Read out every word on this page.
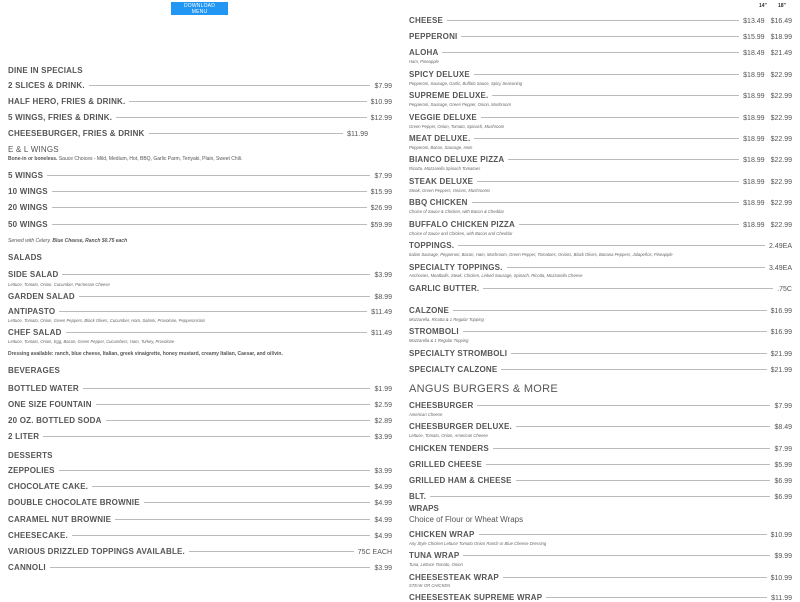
DOWNLOAD MENU
14" 18"
DINE IN SPECIALS
2 SLICES & DRINK.	$7.99
HALF HERO, FRIES & DRINK.	$10.99
5 WINGS, FRIES & DRINK.	$12.99
CHEESEBURGER, FRIES & DRINK	$11.99
E & L WINGS
Bone-in or boneless. Sauce Choices - Mild, Medium, Hot, BBQ, Garlic Parm, Teriyaki, Plain, Sweet Chili.
5 WINGS	$7.99
10 WINGS	$15.99
20 WINGS	$26.99
50 WINGS	$59.99
Served with Celery. Blue Cheese, Ranch $0.75 each
SALADS
SIDE SALAD	$3.99
Lettuce, Tomato, Onion, Cucumber, Parmesan Cheese
GARDEN SALAD	$8.99
ANTIPASTO	$11.49
Lettuce, Tomato, Onion, Green Peppers, Black Olives, Cucumber, Ham, Salami, Provolone, Pepperoncinis
CHEF SALAD	$11.49
Lettuce, Tomato, Onion, Egg, Bacon, Green Pepper, Cucumbers, Ham, Turkey, Provolone
Dressing available: ranch, blue cheese, Italian, greek vinaigrette, honey mustard, creamy Italian, Caesar, and oil/vin.
BEVERAGES
BOTTLED WATER	$1.99
ONE SIZE FOUNTAIN	$2.59
20 OZ. BOTTLED SODA	$2.89
2 LITER	$3.99
DESSERTS
ZEPPOLIES	$3.99
CHOCOLATE CAKE.	$4.99
DOUBLE CHOCOLATE BROWNIE	$4.99
CARAMEL NUT BROWNIE	$4.99
CHEESECAKE.	$4.99
VARIOUS DRIZZLED TOPPINGS AVAILABLE.	75C EACH
CANNOLI	$3.99
CHEESE	$13.49 $16.49
PEPPERONI	$15.99 $18.99
ALOHA	$18.49 $21.49
Ham, Pineapple
SPICY DELUXE	$18.99 $22.99
Pepperoni, Sausage, Garlic, Buffalo Sauce, Spicy Seasoning
SUPREME DELUXE.	$18.99 $22.99
Pepperoni, Sausage, Green Pepper, Onion, Mushroom
VEGGIE DELUXE	$18.99 $22.99
Green Pepper, Onion, Tomato, Spinach, Mushroom
MEAT DELUXE.	$18.99 $22.99
Pepperoni, Bacon, Sausage, Ham
BIANCO DELUXE PIZZA	$18.99 $22.99
Ricotta, Mozzarella Spinach Tomatoes
STEAK DELUXE	$18.99 $22.99
Steak, Green Peppers, Onions, Mushrooms
BBQ CHICKEN	$18.99 $22.99
Choice of Sauce & Chicken, with Bacon & Cheddar
BUFFALO CHICKEN PIZZA	$18.99 $22.99
Choice of Sauce and Chicken, with Bacon and Cheddar
TOPPINGS.	2.49EA
Italian Sausage, Pepperoni, Bacon, Ham, Mushroom, Green Pepper, Tomatoes, Onions, Black Olives, Banana Peppers, Jalapeños, Pineapple
SPECIALTY TOPPINGS.	3.49EA
Anchovies, Meatballs, Steak, Chicken, Linked Sausage, Spinach, Ricotta, Mozzarella Cheese
GARLIC BUTTER.	.75C
CALZONE	$16.99
Mozzarella, Ricotta & 1 Regular Topping
STROMBOLI	$16.99
Mozzarella & 1 Regular Topping
SPECIALTY STROMBOLI	$21.99
SPECIALTY CALZONE	$21.99
ANGUS BURGERS & MORE
CHEESBURGER	$7.99
American Cheese
CHEESBURGER DELUXE.	$8.49
Lettuce, Tomato, Onion, American Cheese
CHICKEN TENDERS	$7.99
GRILLED CHEESE	$5.99
GRILLED HAM & CHEESE	$6.99
BLT.	$6.99
WRAPS
Choice of Flour or Wheat Wraps
CHICKEN WRAP	$10.99
Any Style Chicken Lettuce Tomato Onion Ranch or Blue Cheese Dressing
TUNA WRAP	$9.99
Tuna, Lettuce Tomato, Onion
CHEESESTEAK WRAP	$10.99
STEAK OR CHICKEN
CHEESESTEAK SUPREME WRAP	$11.99
